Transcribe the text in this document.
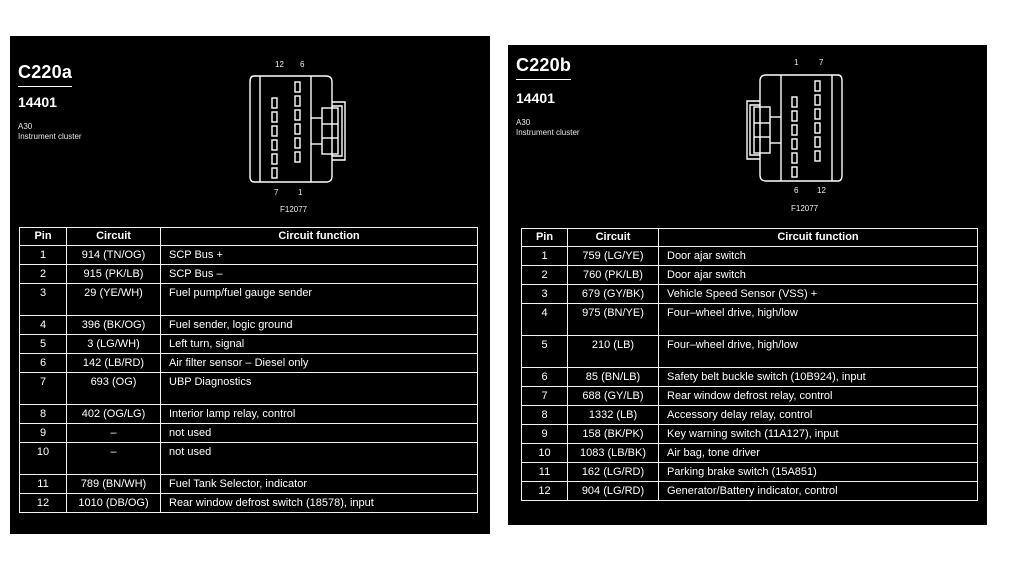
C220a
14401
A30
Instrument cluster
12 6
7 1
F12077
Pin	Circuit	Circuit function
1	914 (TN/OG)	SCP Bus +
2	915 (PK/LB)	SCP Bus –
3	29 (YE/WH)	Fuel pump/fuel gauge sender
4	396 (BK/OG)	Fuel sender, logic ground
5	3 (LG/WH)	Left turn, signal
6	142 (LB/RD)	Air filter sensor – Diesel only
7	693 (OG)	UBP Diagnostics
8	402 (OG/LG)	Interior lamp relay, control
9	–	not used
10	–	not used
11	789 (BN/WH)	Fuel Tank Selector, indicator
12	1010 (DB/OG)	Rear window defrost switch (18578), input
C220b
14401
A30
Instrument cluster
1	7
6 12
F12077
Pin	Circuit	Circuit function
1	759 (LG/YE)	Door ajar switch
2	760 (PK/LB)	Door ajar switch
3	679 (GY/BK)	Vehicle Speed Sensor (VSS) +
4	975 (BN/YE)	Four–wheel drive, high/low
5	210 (LB)	Four–wheel drive, high/low
6	85 (BN/LB)	Safety belt buckle switch (10B924), input
7	688 (GY/LB)	Rear window defrost relay, control
8	1332 (LB)	Accessory delay relay, control
9	158 (BK/PK)	Key warning switch (11A127), input
10	1083 (LB/BK)	Air bag, tone driver
11	162 (LG/RD)	Parking brake switch (15A851)
12	904 (LG/RD)	Generator/Battery indicator, control
